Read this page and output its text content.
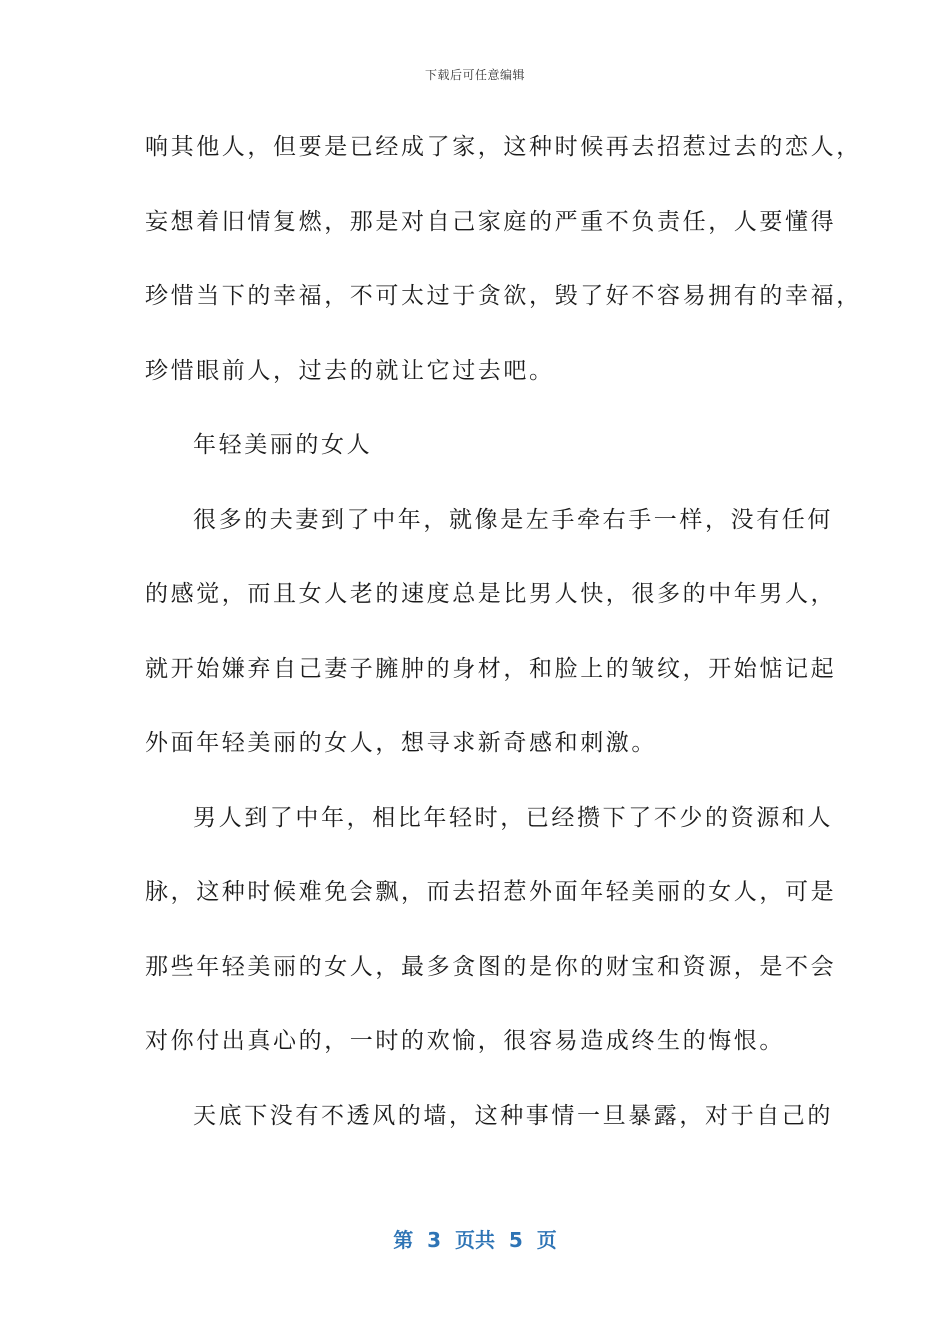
下载后可任意编辑
响其他人，但要是已经成了家，这种时候再去招惹过去的恋人，
妄想着旧情复燃，那是对自己家庭的严重不负责任，人要懂得
珍惜当下的幸福，不可太过于贪欲，毁了好不容易拥有的幸福，
珍惜眼前人，过去的就让它过去吧。
年轻美丽的女人
很多的夫妻到了中年，就像是左手牵右手一样，没有任何
的感觉，而且女人老的速度总是比男人快，很多的中年男人，
就开始嫌弃自己妻子臃肿的身材，和脸上的皱纹，开始惦记起
外面年轻美丽的女人，想寻求新奇感和刺激。
男人到了中年，相比年轻时，已经攒下了不少的资源和人
脉，这种时候难免会飘，而去招惹外面年轻美丽的女人，可是
那些年轻美丽的女人，最多贪图的是你的财宝和资源，是不会
对你付出真心的，一时的欢愉，很容易造成终生的悔恨。
天底下没有不透风的墙，这种事情一旦暴露，对于自己的
第  3  页共  5  页
